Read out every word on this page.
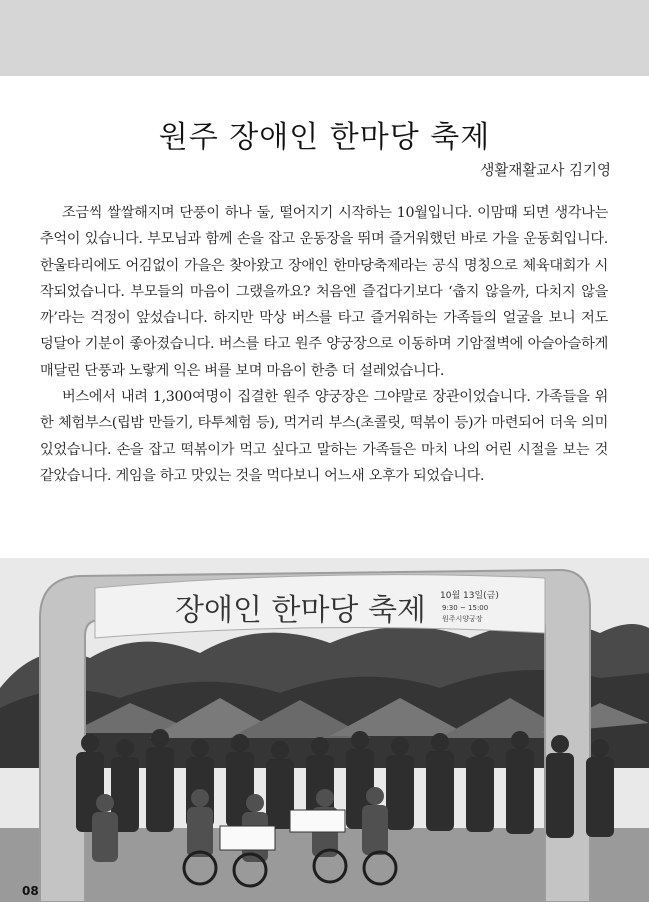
원주 장애인 한마당 축제
생활재활교사 김기영

조금씩 쌀쌀해지며 단풍이 하나 둘, 떨어지기 시작하는 10월입니다. 이맘때 되면 생각나는 추억이 있습니다. 부모님과 함께 손을 잡고 운동장을 뛰며 즐거워했던 바로 가을 운동회입니다. 한울타리에도 어김없이 가을은 찾아왔고 장애인 한마당축제라는 공식 명칭으로 체육대회가 시작되었습니다. 부모들의 마음이 그랬을까요? 처음엔 즐겁다기보다 ‘춥지 않을까, 다치지 않을까’라는 걱정이 앞섰습니다. 하지만 막상 버스를 타고 즐거워하는 가족들의 얼굴을 보니 저도 덩달아 기분이 좋아졌습니다. 버스를 타고 원주 양궁장으로 이동하며 기암절벽에 아슬아슬하게 매달린 단풍과 노랗게 익은 벼를 보며 마음이 한층 더 설레었습니다.

버스에서 내려 1,300여명이 집결한 원주 양궁장은 그야말로 장관이었습니다. 가족들을 위한 체험부스(립밤 만들기, 타투체험 등), 먹거리 부스(초콜릿, 떡볶이 등)가 마련되어 더욱 의미 있었습니다. 손을 잡고 떡볶이가 먹고 싶다고 말하는 가족들은 마치 나의 어린 시절을 보는 것 같았습니다. 게임을 하고 맛있는 것을 먹다보니 어느새 오후가 되었습니다.

장애인 한마당 축제 10월 13일(금)
9:30 ~ 15:00
원주시양궁장
08
